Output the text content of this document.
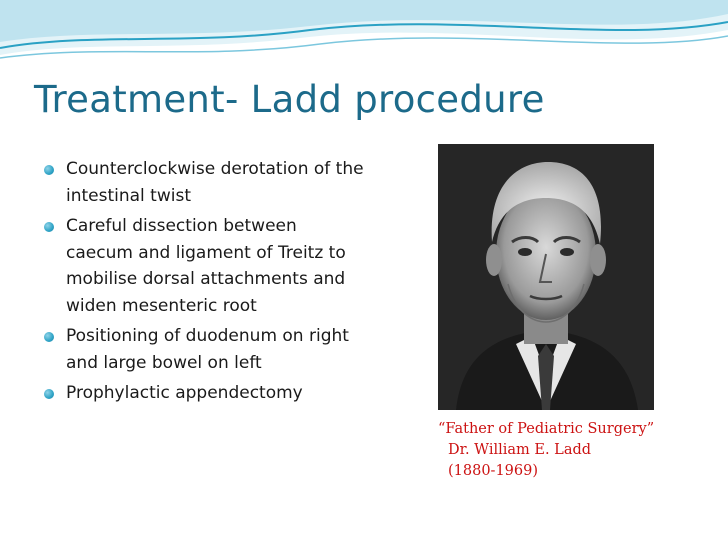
Treatment- Ladd procedure
Counterclockwise derotation of the intestinal twist
Careful dissection between caecum and ligament of Treitz to mobilise dorsal attachments and widen mesenteric root
Positioning of duodenum on right and large bowel on left
Prophylactic appendectomy
“Father of Pediatric Surgery”
Dr. William E. Ladd
(1880-1969)
